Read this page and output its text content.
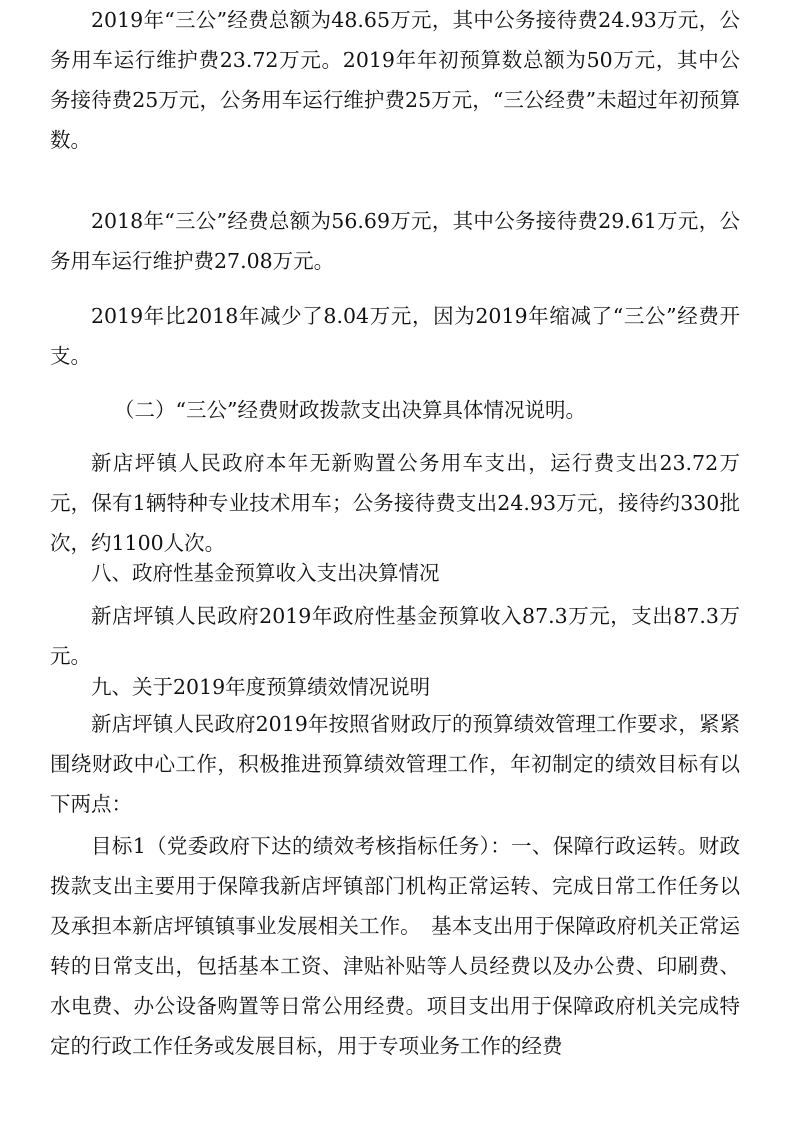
2019年“三公”经费总额为48.65万元，其中公务接待费24.93万元，公务用车运行维护费23.72万元。2019年年初预算数总额为50万元，其中公务接待费25万元，公务用车运行维护费25万元，“三公经费”未超过年初预算数。

2018年“三公”经费总额为56.69万元，其中公务接待费29.61万元，公务用车运行维护费27.08万元。

2019年比2018年减少了8.04万元，因为2019年缩减了“三公”经费开支。

（二）“三公”经费财政拨款支出决算具体情况说明。

新店坪镇人民政府本年无新购置公务用车支出，运行费支出23.72万元，保有1辆特种专业技术用车；公务接待费支出24.93万元，接待约330批次，约1100人次。

八、政府性基金预算收入支出决算情况

新店坪镇人民政府2019年政府性基金预算收入87.3万元，支出87.3万元。

九、关于2019年度预算绩效情况说明

新店坪镇人民政府2019年按照省财政厅的预算绩效管理工作要求，紧紧围绕财政中心工作，积极推进预算绩效管理工作，年初制定的绩效目标有以下两点：

目标1（党委政府下达的绩效考核指标任务）：一、保障行政运转。财政拨款支出主要用于保障我新店坪镇部门机构正常运转、完成日常工作任务以及承担本新店坪镇镇事业发展相关工作。　基本支出用于保障政府机关正常运转的日常支出，包括基本工资、津贴补贴等人员经费以及办公费、印刷费、水电费、办公设备购置等日常公用经费。项目支出用于保障政府机关完成特定的行政工作任务或发展目标，用于专项业务工作的经费
